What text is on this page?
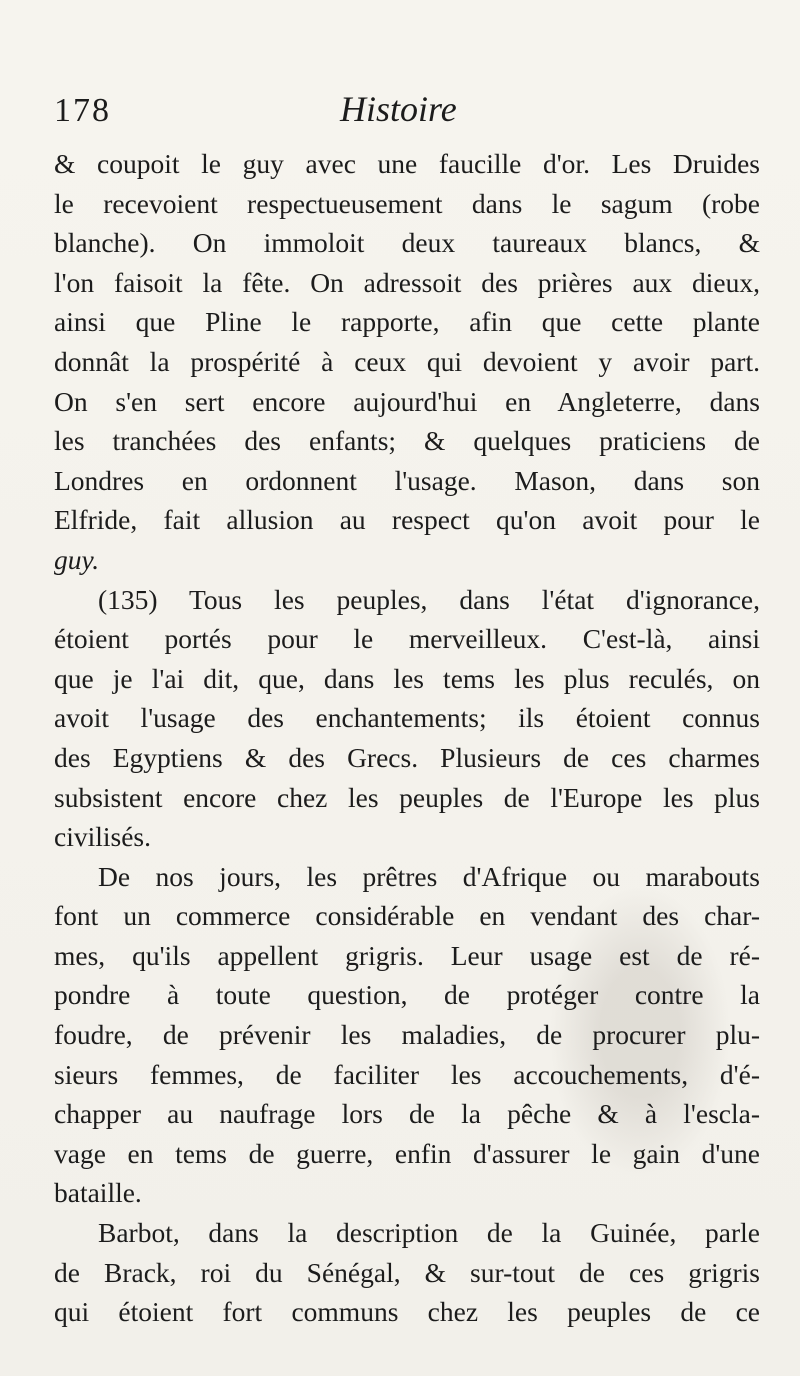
178	Histoire
& coupoit le guy avec une faucille d'or. Les Druides
le recevoient respectueusement dans le sagum (robe
blanche). On immoloit deux taureaux blancs, &
l'on faisoit la fête. On adressoit des prières aux dieux,
ainsi que Pline le rapporte, afin que cette plante
donnât la prospérité à ceux qui devoient y avoir part.
On s'en sert encore aujourd'hui en Angleterre, dans
les tranchées des enfants; & quelques praticiens de
Londres en ordonnent l'usage. Mason, dans son
Elfride, fait allusion au respect qu'on avoit pour le
guy.
(135) Tous les peuples, dans l'état d'ignorance,
étoient portés pour le merveilleux. C'est-là, ainsi
que je l'ai dit, que, dans les tems les plus reculés, on
avoit l'usage des enchantements; ils étoient connus
des Egyptiens & des Grecs. Plusieurs de ces charmes
subsistent encore chez les peuples de l'Europe les plus
civilisés.
De nos jours, les prêtres d'Afrique ou marabouts
font un commerce considérable en vendant des char-
mes, qu'ils appellent grigris. Leur usage est de ré-
pondre à toute question, de protéger contre la
foudre, de prévenir les maladies, de procurer plu-
sieurs femmes, de faciliter les accouchements, d'é-
chapper au naufrage lors de la pêche & à l'escla-
vage en tems de guerre, enfin d'assurer le gain d'une
bataille.
Barbot, dans la description de la Guinée, parle
de Brack, roi du Sénégal, & sur-tout de ces grigris
qui étoient fort communs chez les peuples de ce
